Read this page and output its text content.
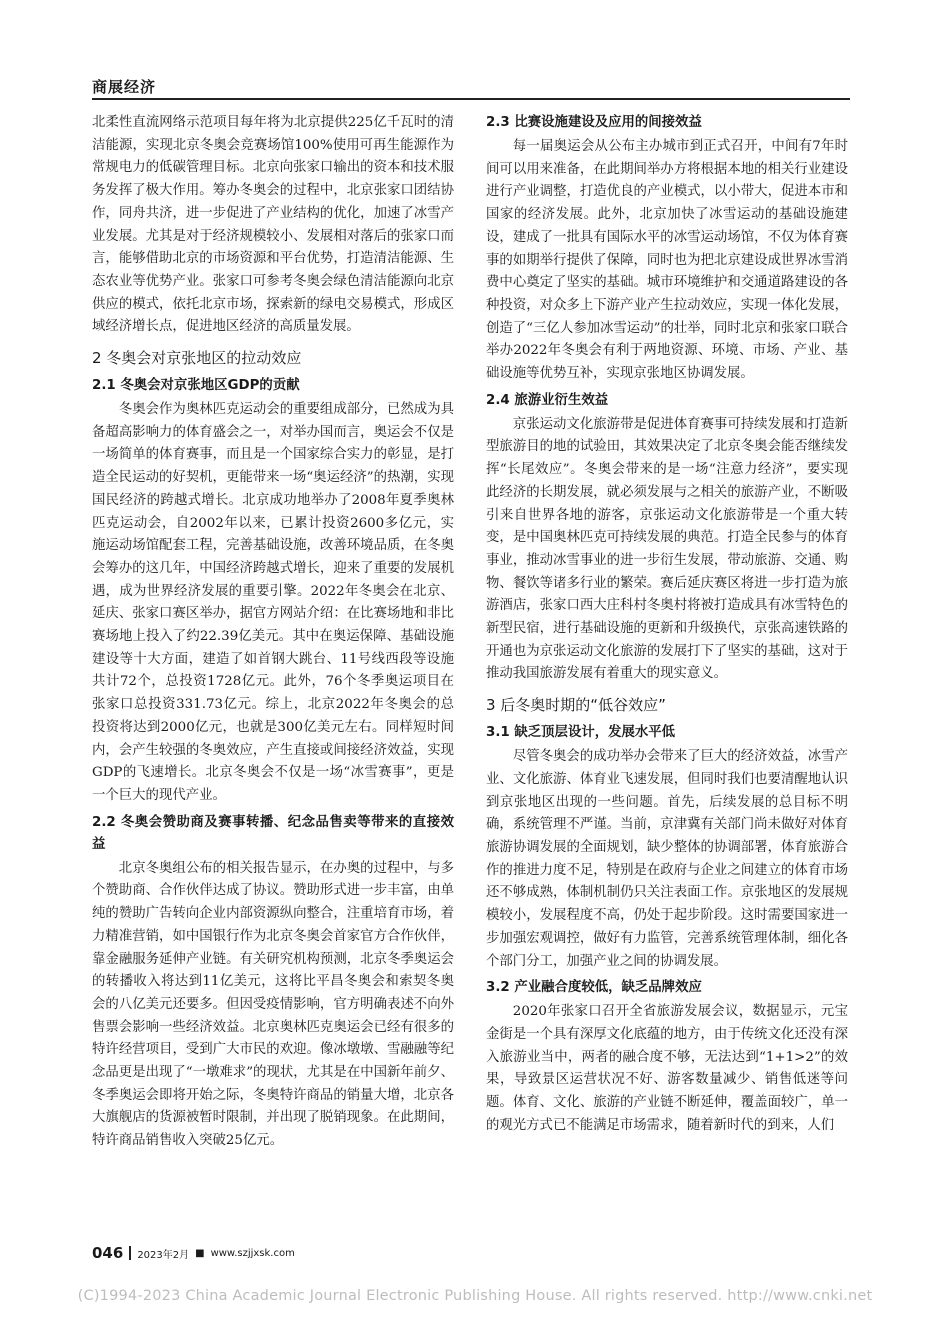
商展经济

北柔性直流网络示范项目每年将为北京提供225亿千瓦时的清洁能源，实现北京冬奥会竞赛场馆100%使用可再生能源作为常规电力的低碳管理目标。北京向张家口输出的资本和技术服务发挥了极大作用。筹办冬奥会的过程中，北京张家口团结协作，同舟共济，进一步促进了产业结构的优化，加速了冰雪产业发展。尤其是对于经济规模较小、发展相对落后的张家口而言，能够借助北京的市场资源和平台优势，打造清洁能源、生态农业等优势产业。张家口可参考冬奥会绿色清洁能源向北京供应的模式，依托北京市场，探索新的绿电交易模式，形成区域经济增长点，促进地区经济的高质量发展。

2 冬奥会对京张地区的拉动效应
2.1 冬奥会对京张地区GDP的贡献

冬奥会作为奥林匹克运动会的重要组成部分，已然成为具备超高影响力的体育盛会之一，对举办国而言，奥运会不仅是一场简单的体育赛事，而且是一个国家综合实力的彰显，是打造全民运动的好契机，更能带来一场“奥运经济”的热潮，实现国民经济的跨越式增长。北京成功地举办了2008年夏季奥林匹克运动会，自2002年以来，已累计投资2600多亿元，实施运动场馆配套工程，完善基础设施，改善环境品质，在冬奥会筹办的这几年，中国经济跨越式增长，迎来了重要的发展机遇，成为世界经济发展的重要引擎。2022年冬奥会在北京、延庆、张家口赛区举办，据官方网站介绍：在比赛场地和非比赛场地上投入了约22.39亿美元。其中在奥运保障、基础设施建设等十大方面，建造了如首钢大跳台、11号线西段等设施共计72个，总投资1728亿元。此外，76个冬季奥运项目在张家口总投资331.73亿元。综上，北京2022年冬奥会的总投资将达到2000亿元，也就是300亿美元左右。同样短时间内，会产生较强的冬奥效应，产生直接或间接经济效益，实现GDP的飞速增长。北京冬奥会不仅是一场“冰雪赛事”，更是一个巨大的现代产业。

2.2 冬奥会赞助商及赛事转播、纪念品售卖等带来的直接效益

北京冬奥组公布的相关报告显示，在办奥的过程中，与多个赞助商、合作伙伴达成了协议。赞助形式进一步丰富，由单纯的赞助广告转向企业内部资源纵向整合，注重培育市场，着力精准营销，如中国银行作为北京冬奥会首家官方合作伙伴，靠金融服务延伸产业链。有关研究机构预测，北京冬季奥运会的转播收入将达到11亿美元，这将比平昌冬奥会和索契冬奥会的八亿美元还要多。但因受疫情影响，官方明确表述不向外售票会影响一些经济效益。北京奥林匹克奥运会已经有很多的特许经营项目，受到广大市民的欢迎。像冰墩墩、雪融融等纪念品更是出现了“一墩难求”的现状，尤其是在中国新年前夕、冬季奥运会即将开始之际，冬奥特许商品的销量大增，北京各大旗舰店的货源被暂时限制，并出现了脱销现象。在此期间，特许商品销售收入突破25亿元。

2.3 比赛设施建设及应用的间接效益

每一届奥运会从公布主办城市到正式召开，中间有7年时间可以用来准备，在此期间举办方将根据本地的相关行业建设进行产业调整，打造优良的产业模式，以小带大，促进本市和国家的经济发展。此外，北京加快了冰雪运动的基础设施建设，建成了一批具有国际水平的冰雪运动场馆，不仅为体育赛事的如期举行提供了保障，同时也为把北京建设成世界冰雪消费中心奠定了坚实的基础。城市环境维护和交通道路建设的各种投资，对众多上下游产业产生拉动效应，实现一体化发展，创造了“三亿人参加冰雪运动”的壮举，同时北京和张家口联合举办2022年冬奥会有利于两地资源、环境、市场、产业、基础设施等优势互补，实现京张地区协调发展。

2.4 旅游业衍生效益

京张运动文化旅游带是促进体育赛事可持续发展和打造新型旅游目的地的试验田，其效果决定了北京冬奥会能否继续发挥“长尾效应”。冬奥会带来的是一场“注意力经济”，要实现此经济的长期发展，就必须发展与之相关的旅游产业，不断吸引来自世界各地的游客，京张运动文化旅游带是一个重大转变，是中国奥林匹克可持续发展的典范。打造全民参与的体育事业，推动冰雪事业的进一步衍生发展，带动旅游、交通、购物、餐饮等诸多行业的繁荣。赛后延庆赛区将进一步打造为旅游酒店，张家口西大庄科村冬奥村将被打造成具有冰雪特色的新型民宿，进行基础设施的更新和升级换代，京张高速铁路的开通也为京张运动文化旅游的发展打下了坚实的基础，这对于推动我国旅游发展有着重大的现实意义。

3 后冬奥时期的“低谷效应”
3.1 缺乏顶层设计，发展水平低

尽管冬奥会的成功举办会带来了巨大的经济效益，冰雪产业、文化旅游、体育业飞速发展，但同时我们也要清醒地认识到京张地区出现的一些问题。首先，后续发展的总目标不明确，系统管理不严谨。当前，京津冀有关部门尚未做好对体育旅游协调发展的全面规划，缺少整体的协调部署，体育旅游合作的推进力度不足，特别是在政府与企业之间建立的体育市场还不够成熟，体制机制仍只关注表面工作。京张地区的发展规模较小，发展程度不高，仍处于起步阶段。这时需要国家进一步加强宏观调控，做好有力监管，完善系统管理体制，细化各个部门分工，加强产业之间的协调发展。

3.2 产业融合度较低，缺乏品牌效应

2020年张家口召开全省旅游发展会议，数据显示，元宝金街是一个具有深厚文化底蕴的地方，由于传统文化还没有深入旅游业当中，两者的融合度不够，无法达到“1+1>2”的效果，导致景区运营状况不好、游客数量减少、销售低迷等问题。体育、文化、旅游的产业链不断延伸，覆盖面较广，单一的观光方式已不能满足市场需求，随着新时代的到来，人们

046 2023年2月 ■ www.szjjxsk.com
(C)1994-2023 China Academic Journal Electronic Publishing House. All rights reserved. http://www.cnki.net
